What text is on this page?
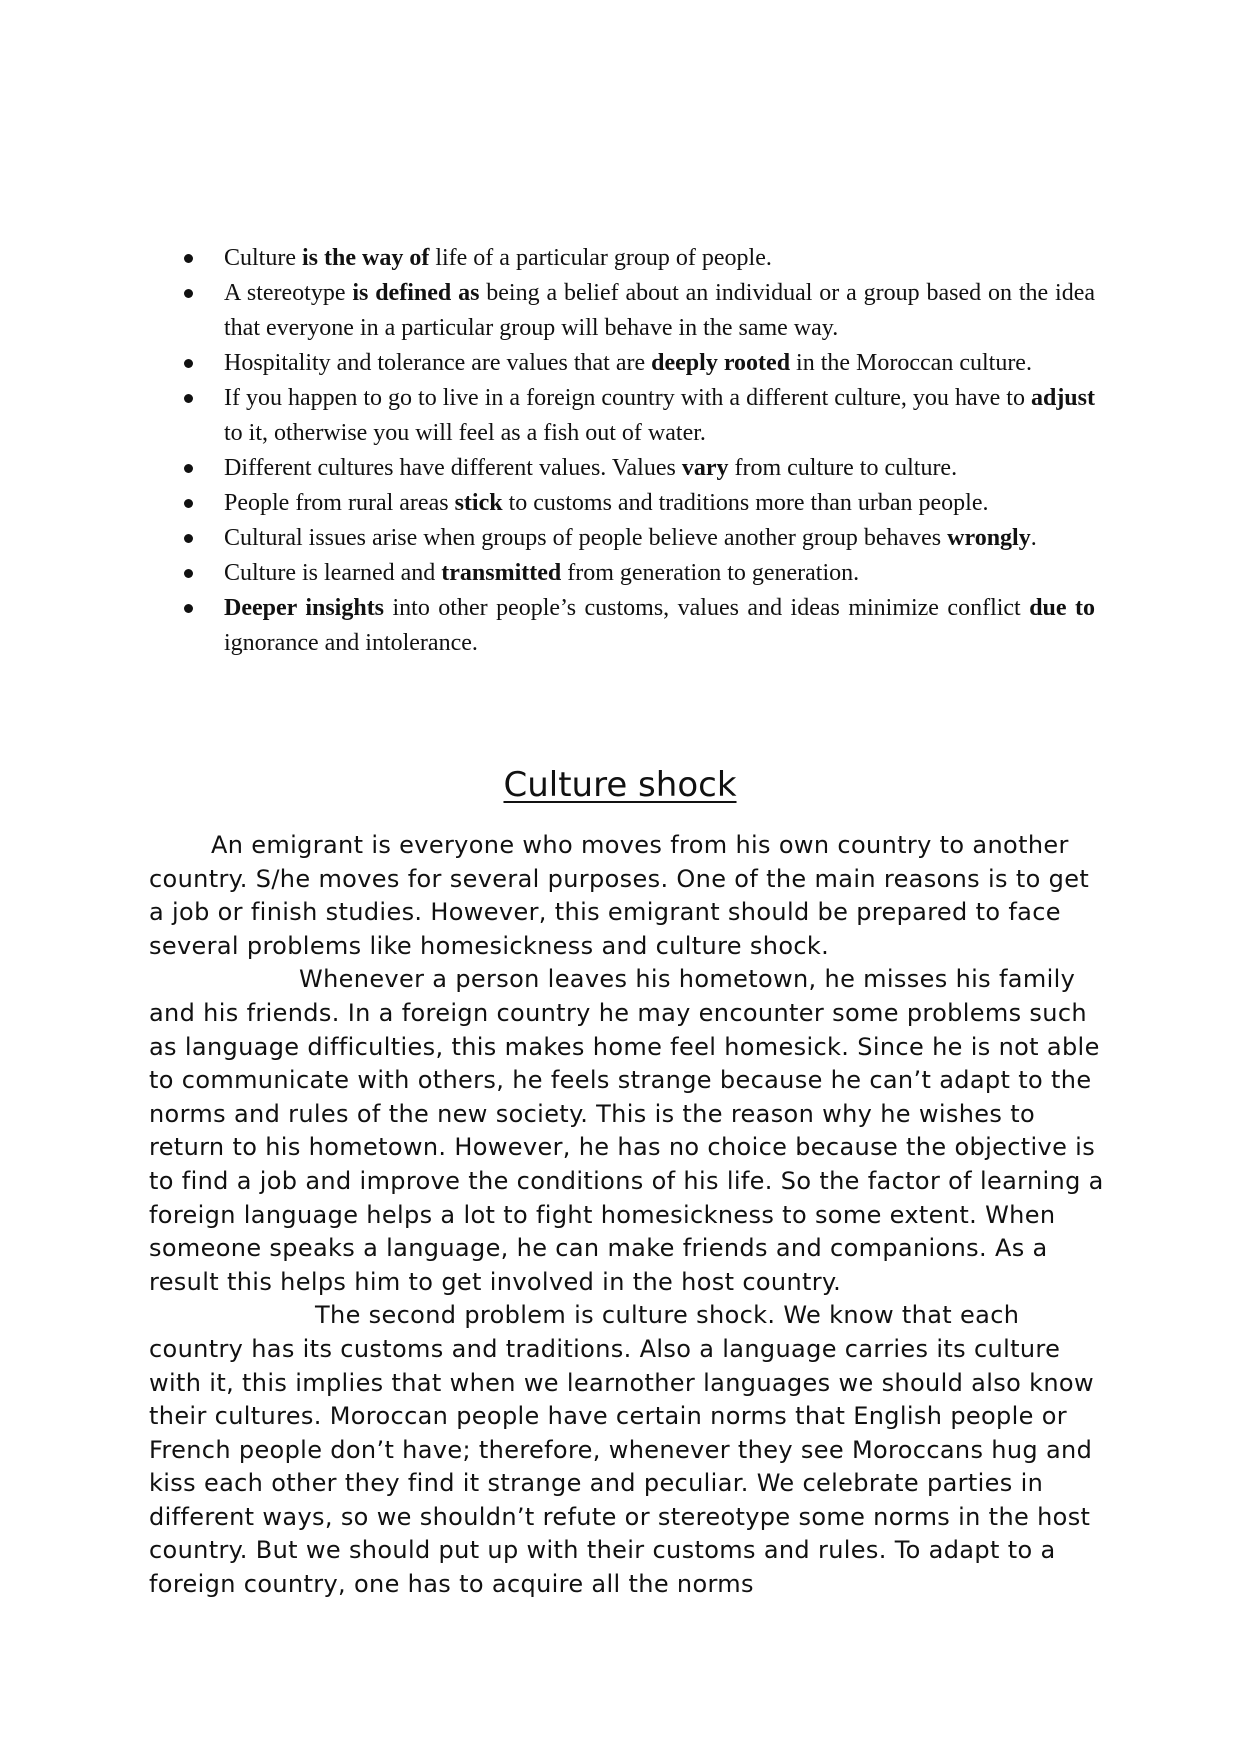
Culture is the way of life of a particular group of people.
A stereotype is defined as being a belief about an individual or a group based on the idea that everyone in a particular group will behave in the same way.
Hospitality and tolerance are values that are deeply rooted in the Moroccan culture.
If you happen to go to live in a foreign country with a different culture, you have to adjust to it, otherwise you will feel as a fish out of water.
Different cultures have different values. Values vary from culture to culture.
People from rural areas stick to customs and traditions more than urban people.
Cultural issues arise when groups of people believe another group behaves wrongly.
Culture is learned and transmitted from generation to generation.
Deeper insights into other people’s customs, values and ideas minimize conflict due to ignorance and intolerance.
Culture shock

An emigrant is everyone who moves from his own country to another country. S/he moves for several purposes. One of the main reasons is to get a job or finish studies. However, this emigrant should be prepared to face several problems like homesickness and culture shock.

Whenever a person leaves his hometown, he misses his family and his friends. In a foreign country he may encounter some problems such as language difficulties, this makes home feel homesick. Since he is not able to communicate with others, he feels strange because he can’t adapt to the norms and rules of the new society. This is the reason why he wishes to return to his hometown. However, he has no choice because the objective is to find a job and improve the conditions of his life. So the factor of learning a foreign language helps a lot to fight homesickness to some extent. When someone speaks a language, he can make friends and companions. As a result this helps him to get involved in the host country.

The second problem is culture shock. We know that each country has its customs and traditions. Also a language carries its culture with it, this implies that when we learnother languages we should also know their cultures. Moroccan people have certain norms that English people or French people don’t have; therefore, whenever they see Moroccans hug and kiss each other they find it strange and peculiar. We celebrate parties in different ways, so we shouldn’t refute or stereotype some norms in the host country. But we should put up with their customs and rules. To adapt to a foreign country, one has to acquire all the norms
